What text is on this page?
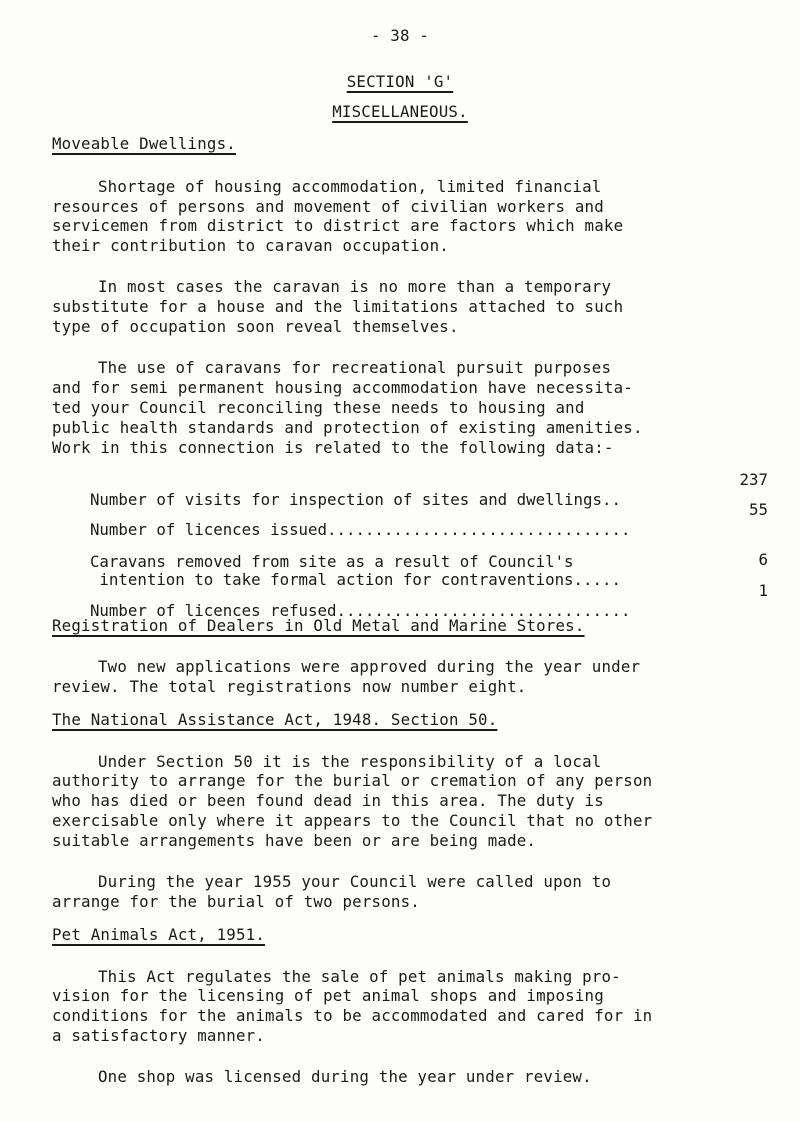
- 38 -
SECTION 'G'
MISCELLANEOUS.
Moveable Dwellings.
Shortage of housing accommodation, limited financial
resources of persons and movement of civilian workers and
servicemen from district to district are factors which make
their contribution to caravan occupation.
In most cases the caravan is no more than a temporary
substitute for a house and the limitations attached to such
type of occupation soon reveal themselves.
The use of caravans for recreational pursuit purposes
and for semi permanent housing accommodation have necessita-
ted your Council reconciling these needs to housing and
public health standards and protection of existing amenities.
Work in this connection is related to the following data:-

Number of visits for inspection of sites and dwellings..

237

Number of licences issued................................

55

Caravans removed from site as a result of Council's

intention to take formal action for contraventions.....

6

Number of licences refused...............................

1

Registration of Dealers in Old Metal and Marine Stores.
Two new applications were approved during the year under
review. The total registrations now number eight.
The National Assistance Act, 1948. Section 50.
Under Section 50 it is the responsibility of a local
authority to arrange for the burial or cremation of any person
who has died or been found dead in this area. The duty is
exercisable only where it appears to the Council that no other
suitable arrangements have been or are being made.
During the year 1955 your Council were called upon to
arrange for the burial of two persons.
Pet Animals Act, 1951.
This Act regulates the sale of pet animals making pro-
vision for the licensing of pet animal shops and imposing
conditions for the animals to be accommodated and cared for in
a satisfactory manner.
One shop was licensed during the year under review.
